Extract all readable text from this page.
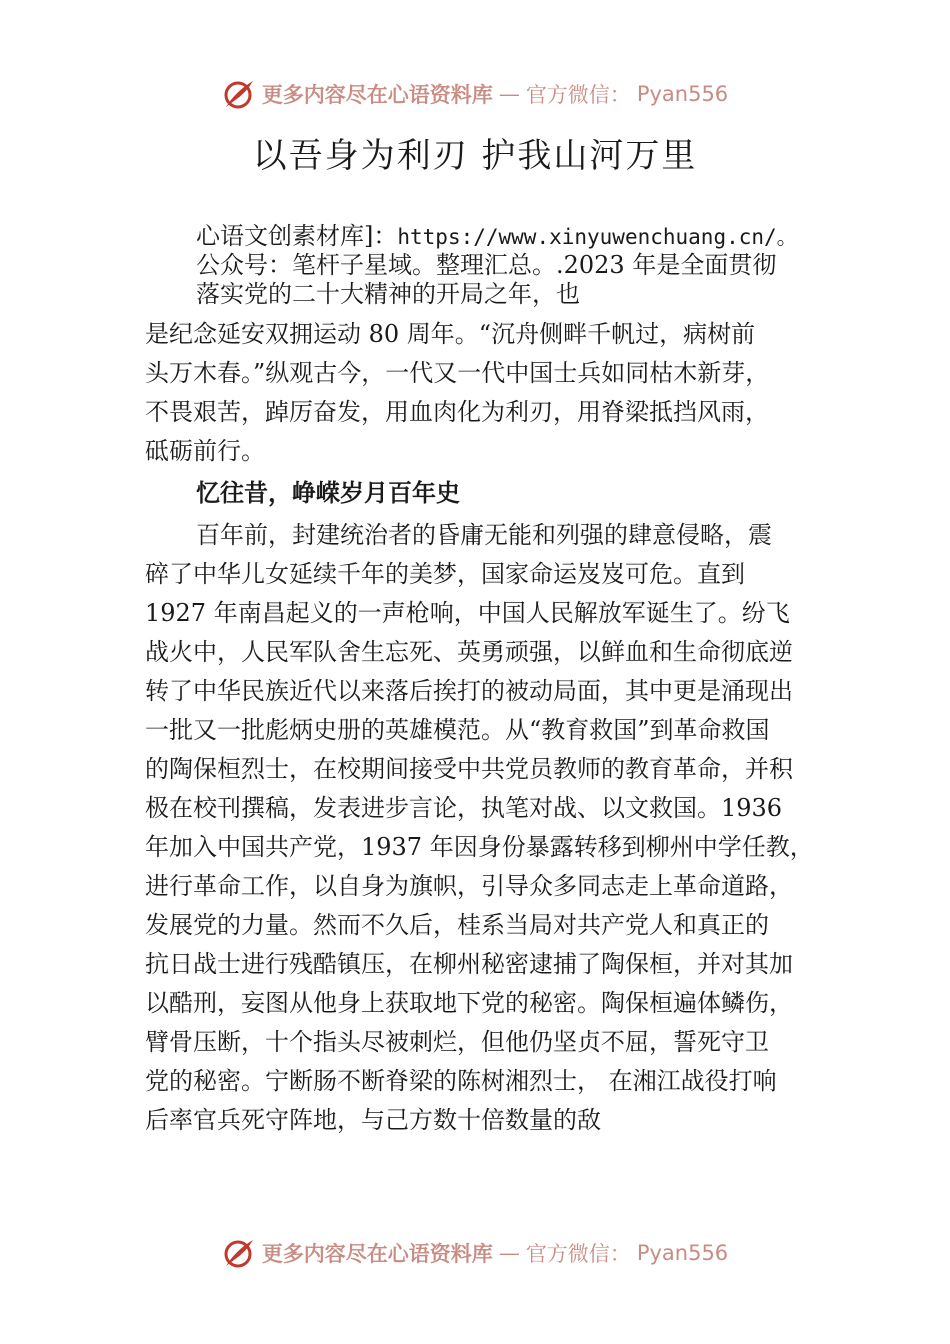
更多内容尽在心语资料库 — 官方微信： Pyan556
以吾身为利刃 护我山河万里

心语文创素材库]：https://www.xinyuwenchuang.cn/。

公众号：笔杆子星域。整理汇总。.2023 年是全面贯彻

落实党的二十大精神的开局之年，也

是纪念延安双拥运动 80 周年。“沉舟侧畔千帆过，病树前

头万木春。”纵观古今，一代又一代中国士兵如同枯木新芽，

不畏艰苦，踔厉奋发，用血肉化为利刃，用脊梁抵挡风雨，

砥砺前行。

忆往昔，峥嵘岁月百年史

百年前，封建统治者的昏庸无能和列强的肆意侵略，震

碎了中华儿女延续千年的美梦，国家命运岌岌可危。直到

1927 年南昌起义的一声枪响，中国人民解放军诞生了。纷飞

战火中，人民军队舍生忘死、英勇顽强，以鲜血和生命彻底逆

转了中华民族近代以来落后挨打的被动局面，其中更是涌现出

一批又一批彪炳史册的英雄模范。从“教育救国”到革命救国

的陶保桓烈士，在校期间接受中共党员教师的教育革命，并积

极在校刊撰稿，发表进步言论，执笔对战、以文救国。1936

年加入中国共产党，1937 年因身份暴露转移到柳州中学任教，

进行革命工作，以自身为旗帜，引导众多同志走上革命道路，

发展党的力量。然而不久后，桂系当局对共产党人和真正的

抗日战士进行残酷镇压，在柳州秘密逮捕了陶保桓，并对其加

以酷刑，妄图从他身上获取地下党的秘密。陶保桓遍体鳞伤，

臂骨压断，十个指头尽被刺烂，但他仍坚贞不屈，誓死守卫

党的秘密。宁断肠不断脊梁的陈树湘烈士， 在湘江战役打响

后率官兵死守阵地，与己方数十倍数量的敌

更多内容尽在心语资料库 — 官方微信： Pyan556
